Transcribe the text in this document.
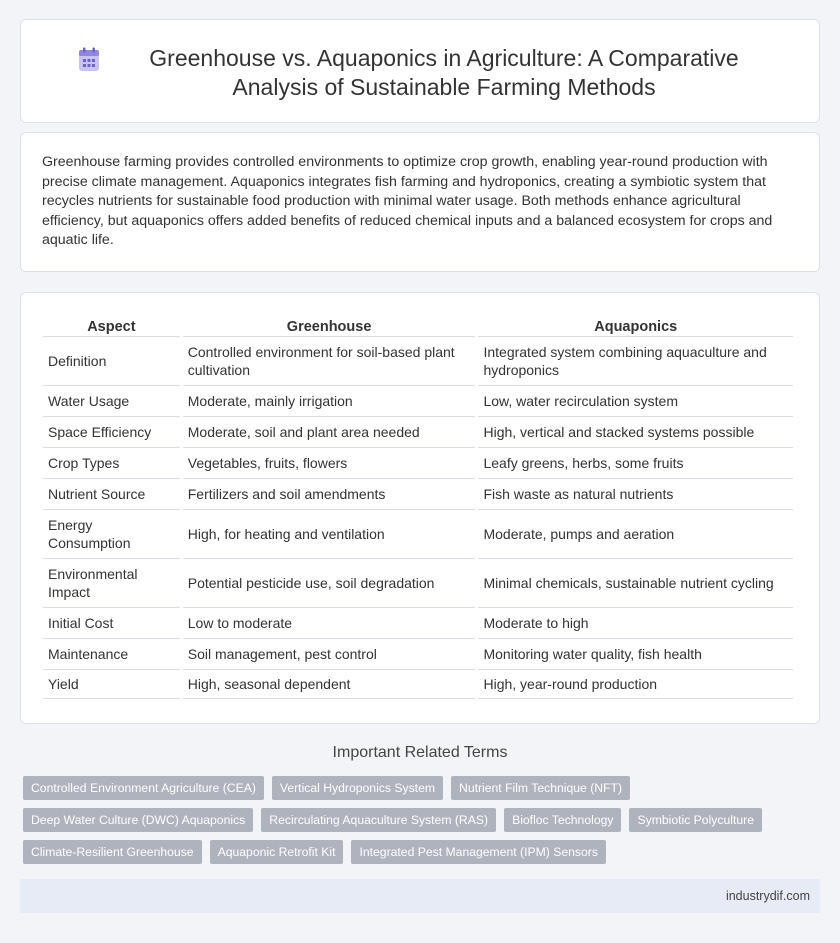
Greenhouse vs. Aquaponics in Agriculture: A Comparative Analysis of Sustainable Farming Methods

Greenhouse farming provides controlled environments to optimize crop growth, enabling year-round production with precise climate management. Aquaponics integrates fish farming and hydroponics, creating a symbiotic system that recycles nutrients for sustainable food production with minimal water usage. Both methods enhance agricultural efficiency, but aquaponics offers added benefits of reduced chemical inputs and a balanced ecosystem for crops and aquatic life.

Aspect	Greenhouse	Aquaponics
Definition	Controlled environment for soil-based plant cultivation	Integrated system combining aquaculture and hydroponics
Water Usage	Moderate, mainly irrigation	Low, water recirculation system
Space Efficiency	Moderate, soil and plant area needed	High, vertical and stacked systems possible
Crop Types	Vegetables, fruits, flowers	Leafy greens, herbs, some fruits
Nutrient Source	Fertilizers and soil amendments	Fish waste as natural nutrients
Energy Consumption	High, for heating and ventilation	Moderate, pumps and aeration
Environmental Impact	Potential pesticide use, soil degradation	Minimal chemicals, sustainable nutrient cycling
Initial Cost	Low to moderate	Moderate to high
Maintenance	Soil management, pest control	Monitoring water quality, fish health
Yield	High, seasonal dependent	High, year-round production
Important Related Terms
Controlled Environment Agriculture (CEA)	Vertical Hydroponics System	Nutrient Film Technique (NFT)
Deep Water Culture (DWC) Aquaponics	Recirculating Aquaculture System (RAS)	Biofloc Technology	Symbiotic Polyculture
Climate-Resilient Greenhouse	Aquaponic Retrofit Kit	Integrated Pest Management (IPM) Sensors
industrydif.com
